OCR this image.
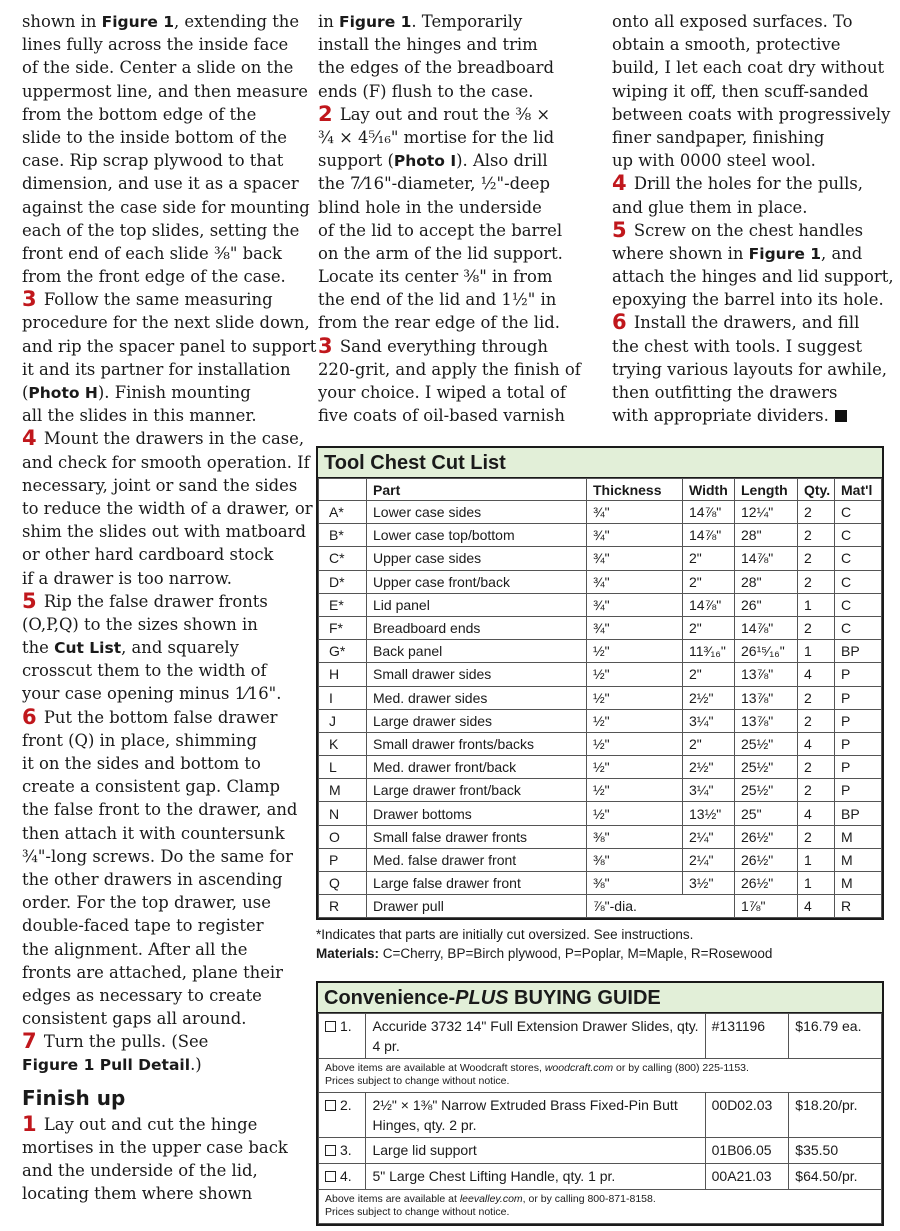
shown in Figure 1, extending the
lines fully across the inside face
of the side. Center a slide on the
uppermost line, and then measure
from the bottom edge of the
slide to the inside bottom of the
case. Rip scrap plywood to that
dimension, and use it as a spacer
against the case side for mounting
each of the top slides, setting the
front end of each slide ⅜" back
from the front edge of the case.
3 Follow the same measuring
procedure for the next slide down,
and rip the spacer panel to support
it and its partner for installation
(Photo H). Finish mounting
all the slides in this manner.
4 Mount the drawers in the case,
and check for smooth operation. If
necessary, joint or sand the sides
to reduce the width of a drawer, or
shim the slides out with matboard
or other hard cardboard stock
if a drawer is too narrow.
5 Rip the false drawer fronts
(O,P,Q) to the sizes shown in
the Cut List, and squarely
crosscut them to the width of
your case opening minus 1⁄16".
6 Put the bottom false drawer
front (Q) in place, shimming
it on the sides and bottom to
create a consistent gap. Clamp
the false front to the drawer, and
then attach it with countersunk
¾"-long screws. Do the same for
the other drawers in ascending
order. For the top drawer, use
double-faced tape to register
the alignment. After all the
fronts are attached, plane their
edges as necessary to create
consistent gaps all around.
7 Turn the pulls. (See
Figure 1 Pull Detail.)
Finish up
1 Lay out and cut the hinge
mortises in the upper case back
and the underside of the lid,
locating them where shown
in Figure 1. Temporarily
install the hinges and trim
the edges of the breadboard
ends (F) flush to the case.
2 Lay out and rout the ⅜ ×
¾ × 4⁵⁄₁₆" mortise for the lid
support (Photo I). Also drill
the 7⁄16"-diameter, ½"-deep
blind hole in the underside
of the lid to accept the barrel
on the arm of the lid support.
Locate its center ⅜" in from
the end of the lid and 1½" in
from the rear edge of the lid.
3 Sand everything through
220-grit, and apply the finish of
your choice. I wiped a total of
five coats of oil-based varnish
onto all exposed surfaces. To
obtain a smooth, protective
build, I let each coat dry without
wiping it off, then scuff-sanded
between coats with progressively
finer sandpaper, finishing
up with 0000 steel wool.
4 Drill the holes for the pulls,
and glue them in place.
5 Screw on the chest handles
where shown in Figure 1, and
attach the hinges and lid support,
epoxying the barrel into its hole.
6 Install the drawers, and fill
the chest with tools. I suggest
trying various layouts for awhile,
then outfitting the drawers
with appropriate dividers.
Tool Chest Cut List
	Part	Thickness	Width	Length	Qty.	Mat'l
A*	Lower case sides	¾"	14⅞"	12¼"	2	C
B*	Lower case top/bottom	¾"	14⅞"	28"	2	C
C*	Upper case sides	¾"	2"	14⅞"	2	C
D*	Upper case front/back	¾"	2"	28"	2	C
E*	Lid panel	¾"	14⅞"	26"	1	C
F*	Breadboard ends	¾"	2"	14⅞"	2	C
G*	Back panel	½"	11³⁄₁₆"	26¹⁵⁄₁₆"	1	BP
H	Small drawer sides	½"	2"	13⅞"	4	P
I	Med. drawer sides	½"	2½"	13⅞"	2	P
J	Large drawer sides	½"	3¼"	13⅞"	2	P
K	Small drawer fronts/backs	½"	2"	25½"	4	P
L	Med. drawer front/back	½"	2½"	25½"	2	P
M	Large drawer front/back	½"	3¼"	25½"	2	P
N	Drawer bottoms	½"	13½"	25"	4	BP
O	Small false drawer fronts	⅜"	2¼"	26½"	2	M
P	Med. false drawer front	⅜"	2¼"	26½"	1	M
Q	Large false drawer front	⅜"	3½"	26½"	1	M
R	Drawer pull	⅞"-dia.		1⅞"	4	R
*Indicates that parts are initially cut oversized. See instructions.
Materials: C=Cherry, BP=Birch plywood, P=Poplar, M=Maple, R=Rosewood
Convenience-PLUS BUYING GUIDE
1.	Accuride 3732 14" Full Extension Drawer Slides, qty. 4 pr.	#131196	$16.79 ea.
Above items are available at Woodcraft stores, woodcraft.com or by calling (800) 225-1153.
Prices subject to change without notice.			
2.	2½" × 1⅜" Narrow Extruded Brass Fixed-Pin Butt Hinges, qty. 2 pr.	00D02.03	$18.20/pr.
3.	Large lid support	01B06.05	$35.50
4.	5" Large Chest Lifting Handle, qty. 1 pr.	00A21.03	$64.50/pr.
Above items are available at leevalley.com, or by calling 800-871-8158.
Prices subject to change without notice.			
